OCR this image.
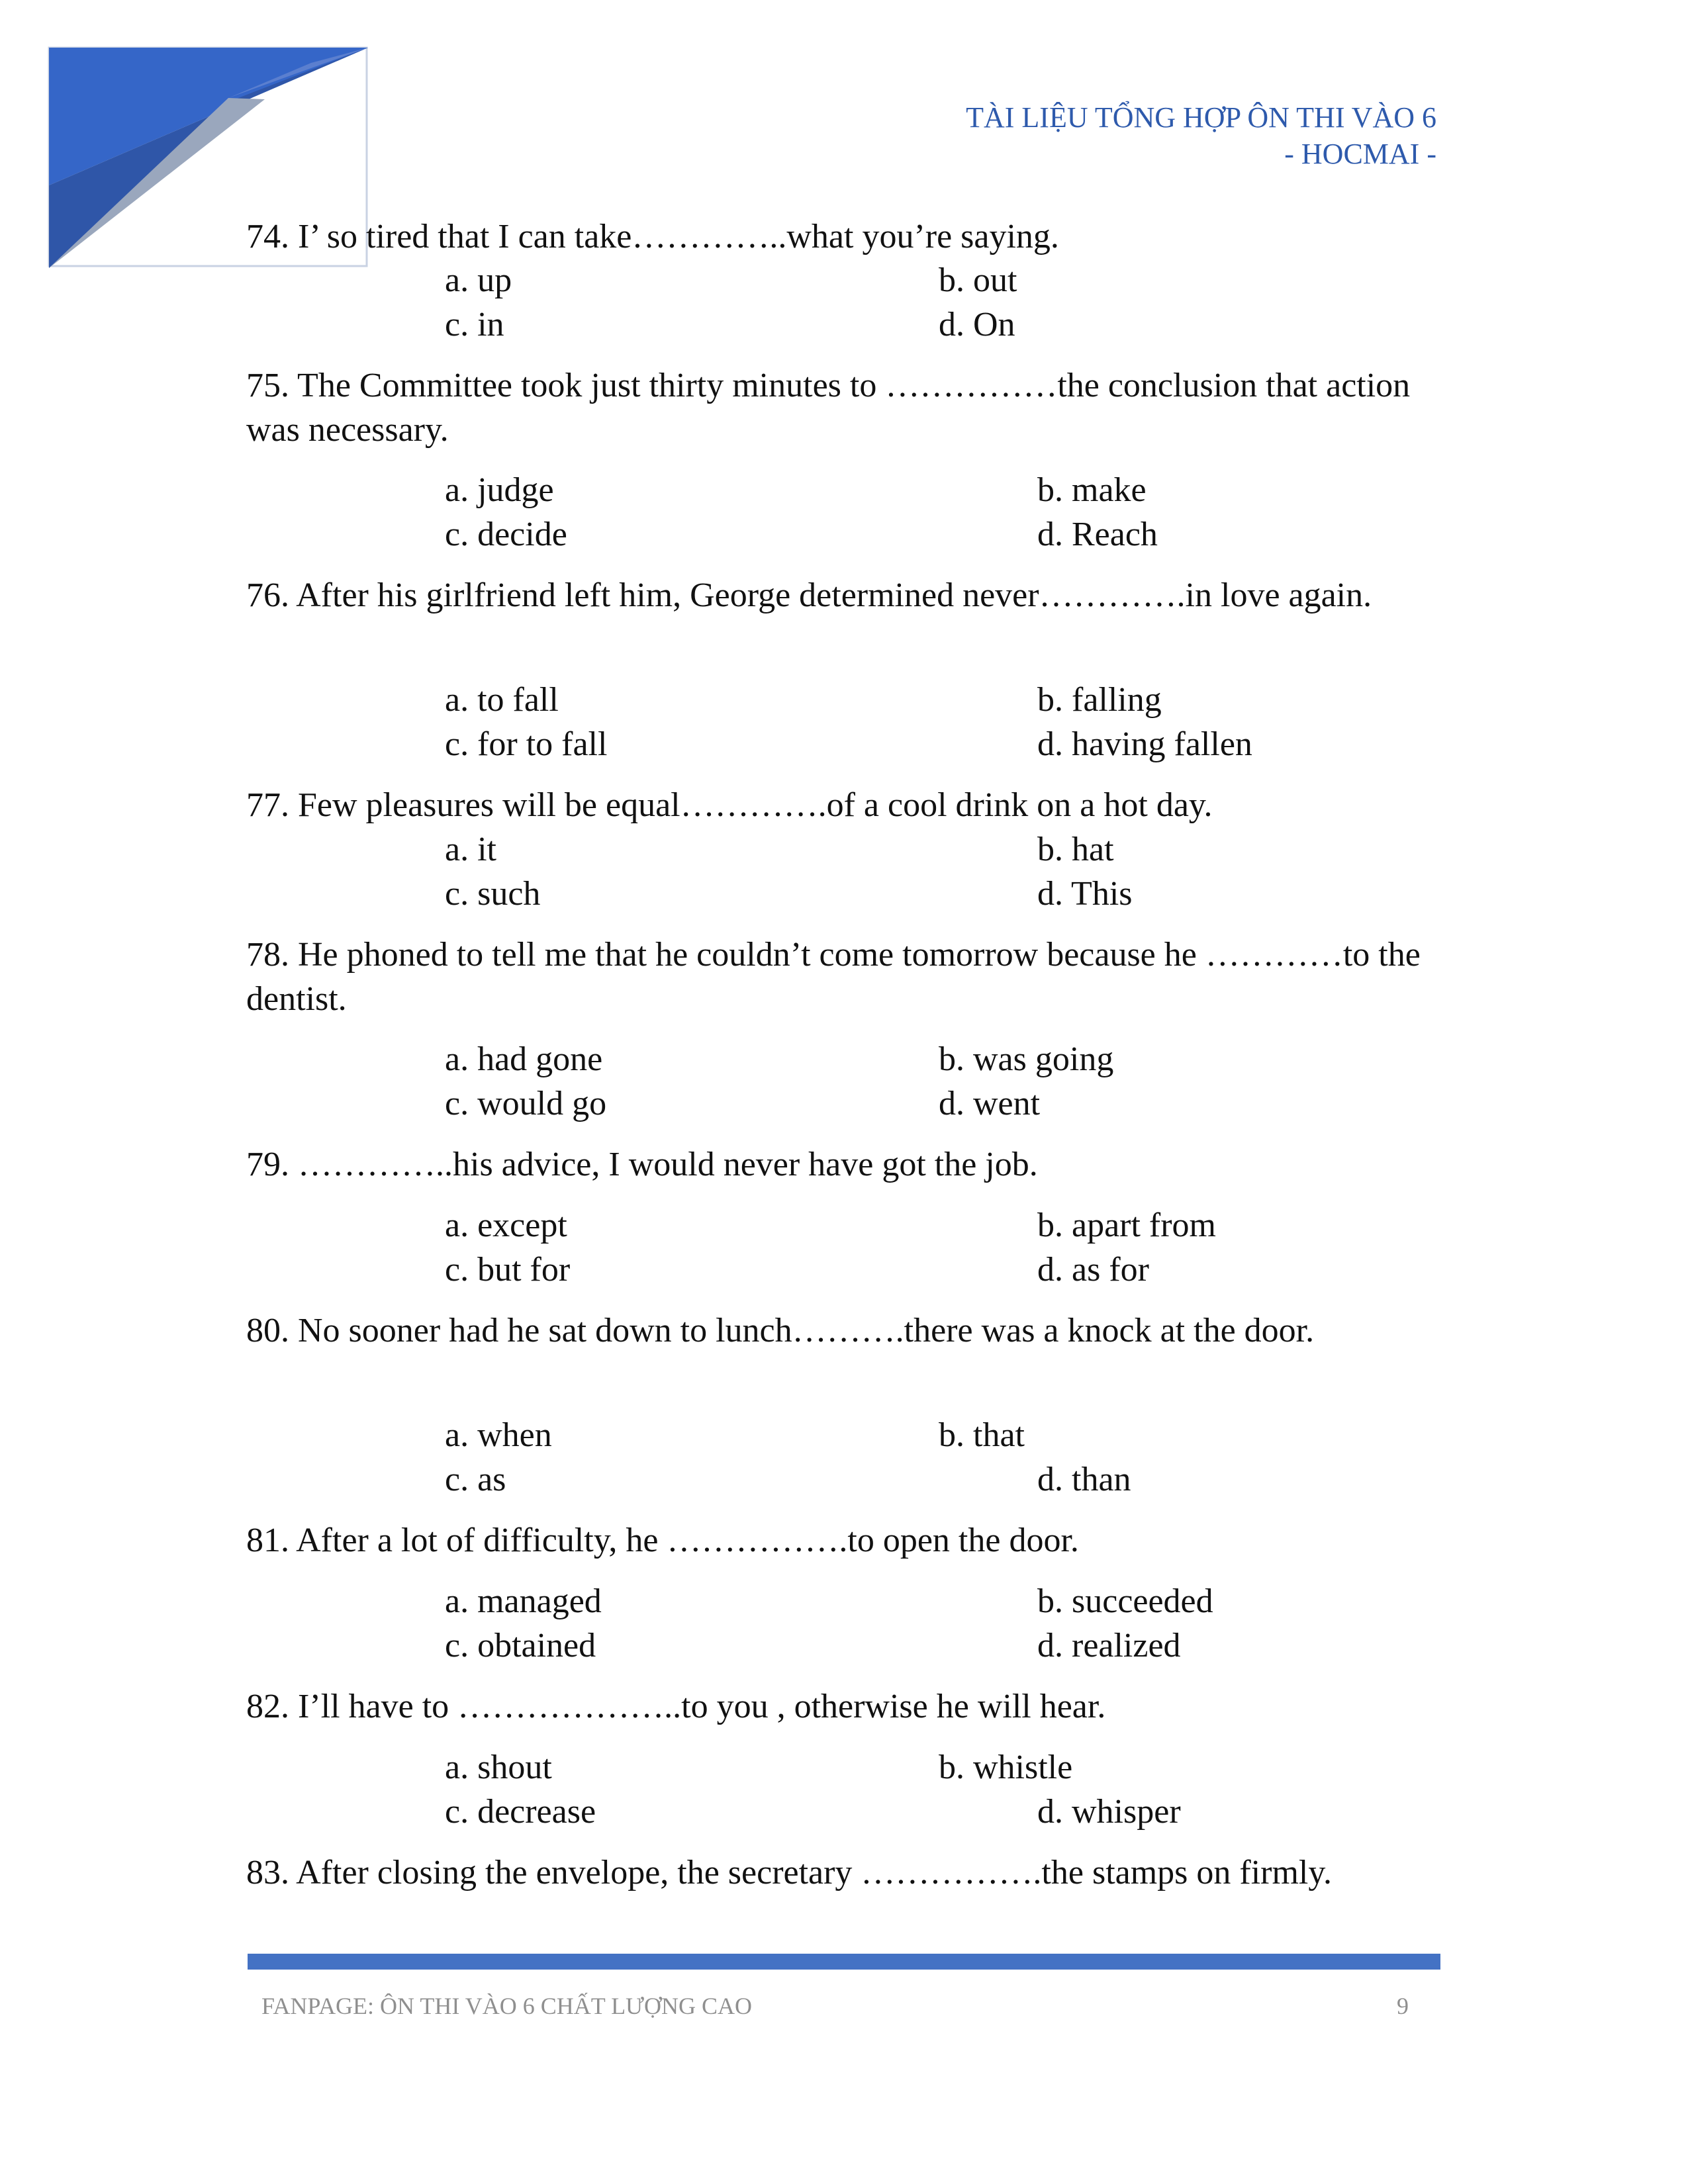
TÀI LIỆU TỔNG HỢP ÔN THI VÀO 6
- HOCMAI -

74. I’ so tired that I can take…………..what you’re saying.

a. up	b. out
c. in	d. On

75. The Committee took just thirty minutes to ……………the conclusion that action was necessary.

a. judge	b. make
c. decide	d. Reach

76. After his girlfriend left him, George determined never………….in love again.

a. to fall	b. falling
c. for to fall	d. having fallen

77. Few pleasures will be equal………….of a cool drink on a hot day.

a. it	b. hat
c. such	d. This

78. He phoned to tell me that he couldn’t come tomorrow because he …………to the dentist.

a. had gone	b. was going
c. would go	d. went

79. …………..his advice, I would never have got the job.

a. except	b. apart from
c. but for	d. as for

80. No sooner had he sat down to lunch……….there was a knock at the door.

a. when	b. that
c. as	d. than

81. After a lot of difficulty, he …………….to open the door.

a. managed	b. succeeded
c. obtained	d. realized

82. I’ll have to ………………..to you , otherwise he will hear.

a. shout	b. whistle
c. decrease	d. whisper

83. After closing the envelope, the secretary …………….the stamps on firmly.

FANPAGE: ÔN THI VÀO 6 CHẤT LƯỢNG CAO	9
